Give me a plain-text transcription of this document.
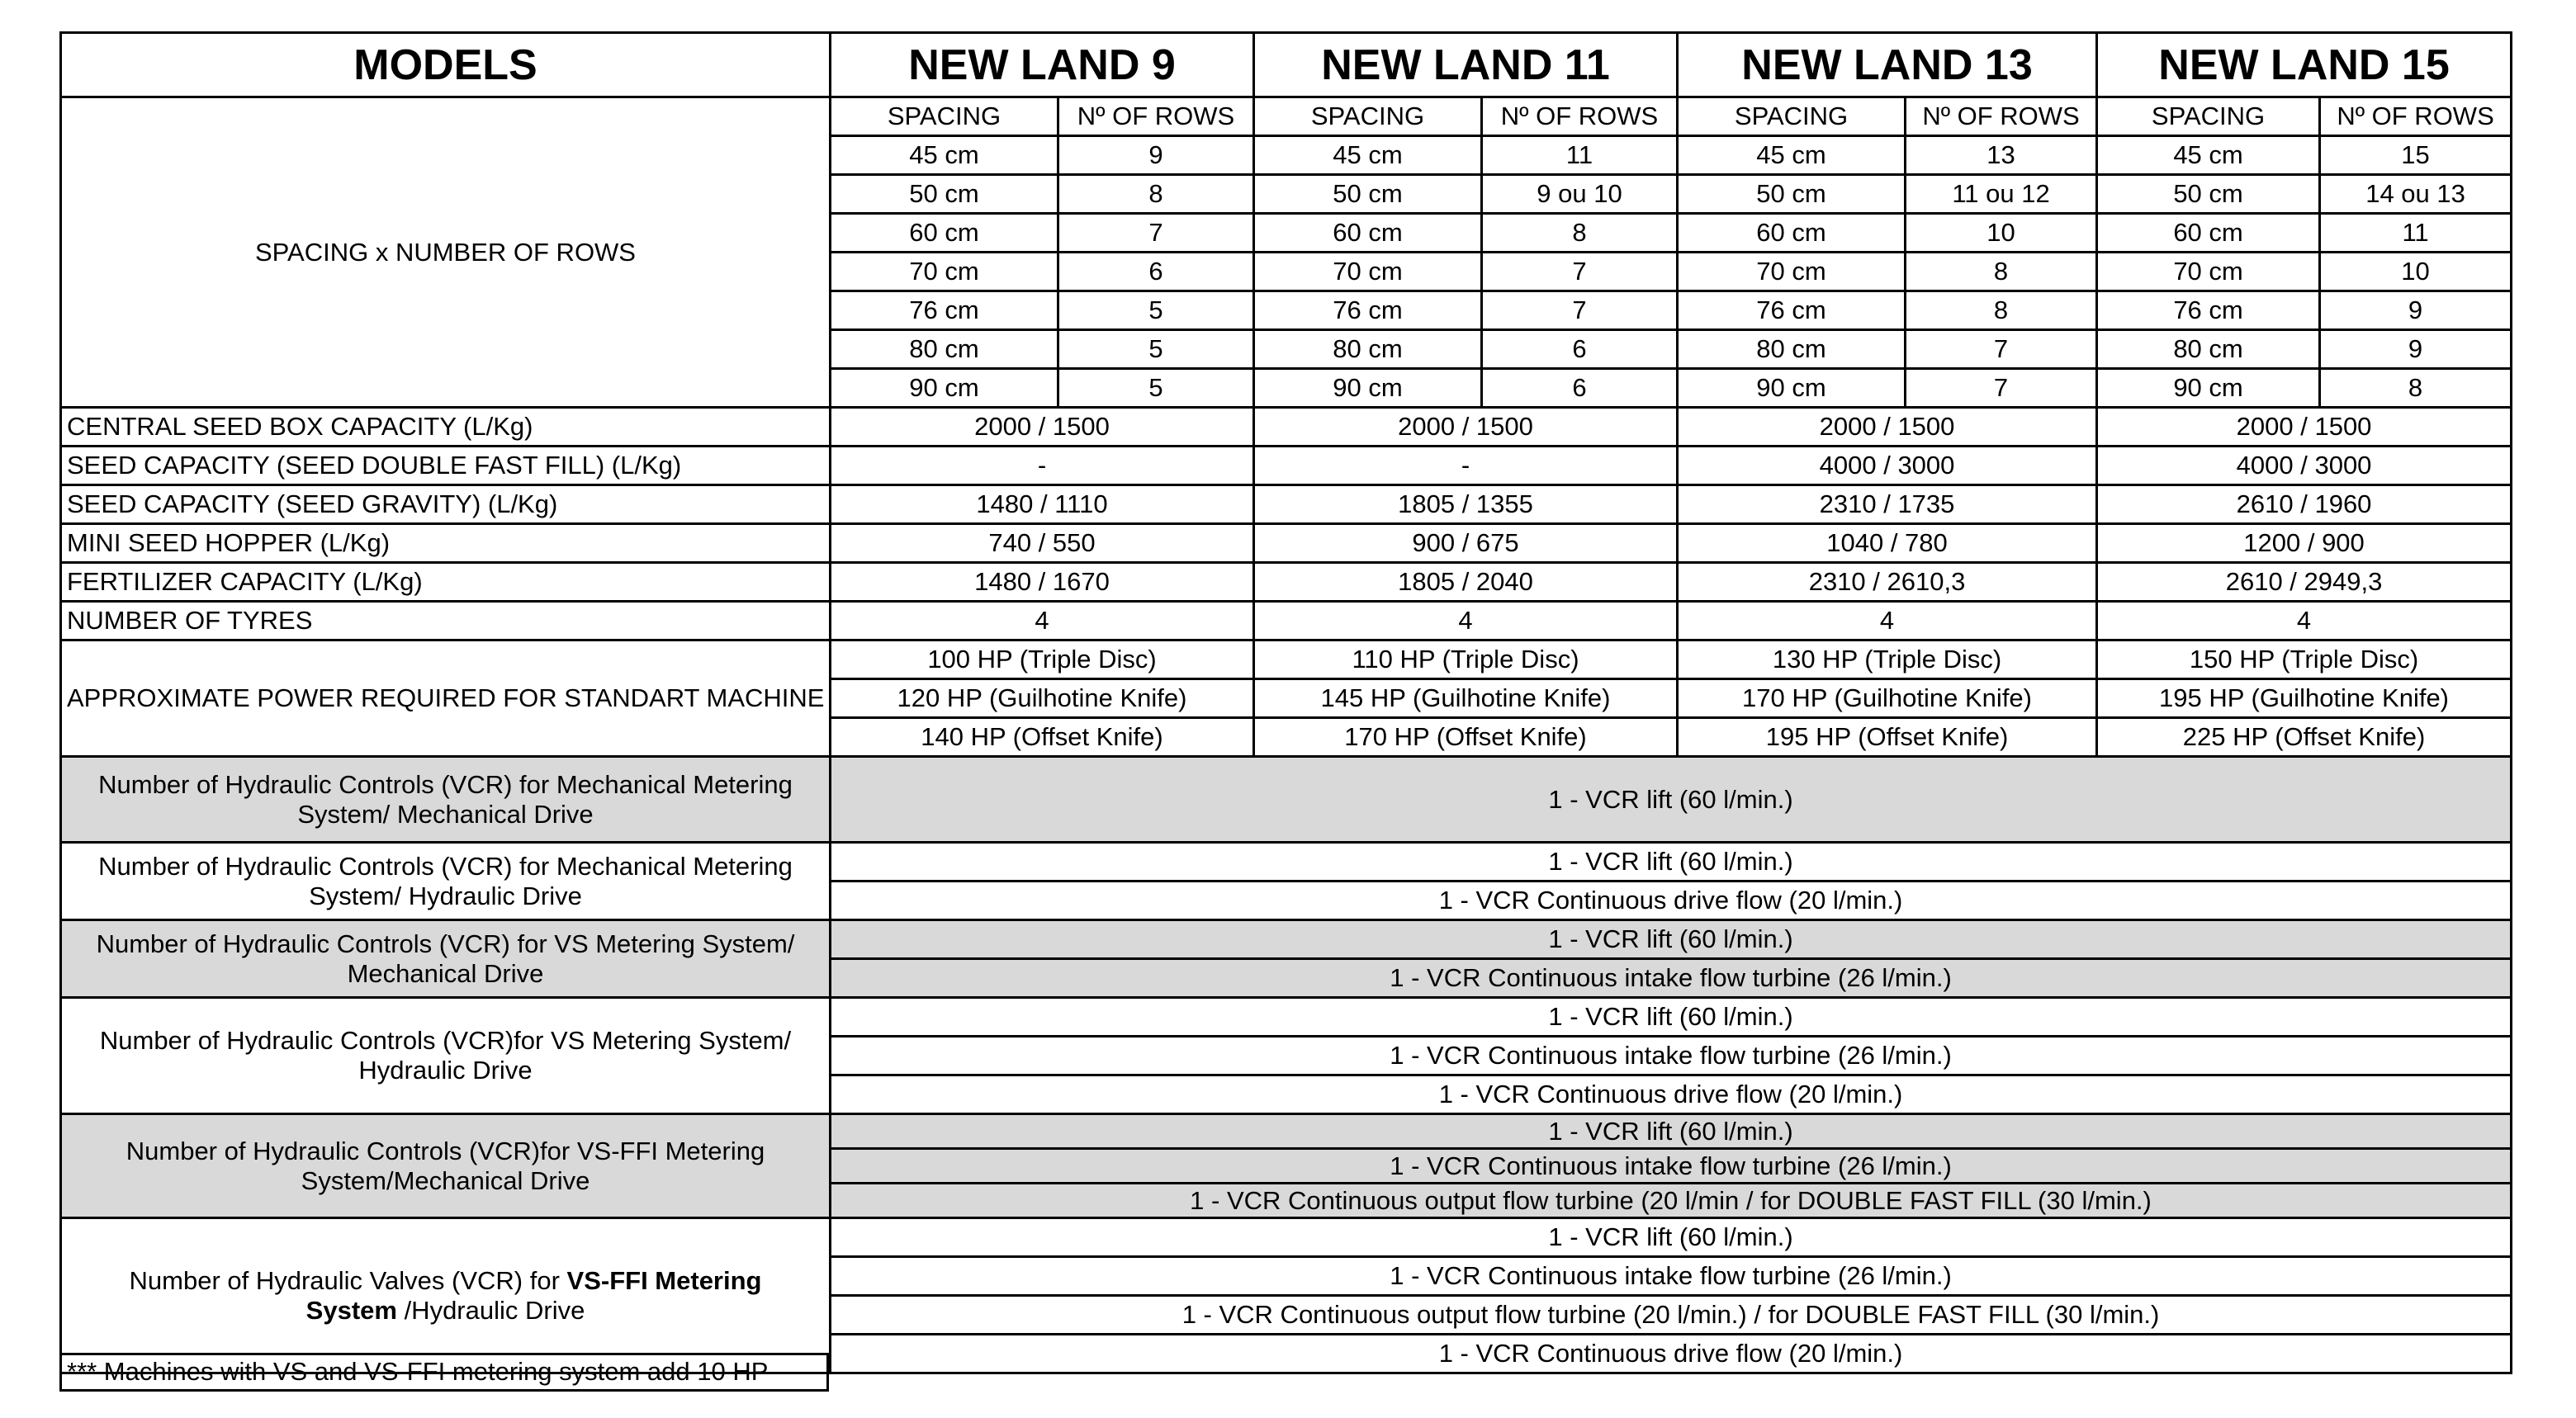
MODELS	NEW LAND 9		NEW LAND 11		NEW LAND 13		NEW LAND 15	
SPACING x NUMBER OF ROWS	SPACING	Nº OF ROWS	SPACING	Nº OF ROWS	SPACING	Nº OF ROWS	SPACING	Nº OF ROWS
	45 cm	9	45 cm	11	45 cm	13	45 cm	15
	50 cm	8	50 cm	9 ou 10	50 cm	11 ou 12	50 cm	14 ou 13
	60 cm	7	60 cm	8	60 cm	10	60 cm	11
	70 cm	6	70 cm	7	70 cm	8	70 cm	10
	76 cm	5	76 cm	7	76 cm	8	76 cm	9
	80 cm	5	80 cm	6	80 cm	7	80 cm	9
	90 cm	5	90 cm	6	90 cm	7	90 cm	8
CENTRAL SEED BOX CAPACITY (L/Kg)	2000 / 1500		2000 / 1500		2000 / 1500		2000 / 1500	
SEED CAPACITY (SEED DOUBLE FAST FILL) (L/Kg)	-		-		4000 / 3000		4000 / 3000	
SEED CAPACITY (SEED GRAVITY) (L/Kg)	1480 / 1110		1805 / 1355		2310 / 1735		2610 / 1960	
MINI SEED HOPPER (L/Kg)	740 / 550		900 / 675		1040 / 780		1200 / 900	
FERTILIZER CAPACITY (L/Kg)	1480 / 1670		1805 / 2040		2310 / 2610,3		2610 / 2949,3	
NUMBER OF TYRES	4		4		4		4	
APPROXIMATE POWER REQUIRED FOR STANDART MACHINE	100 HP (Triple Disc)		110 HP (Triple Disc)		130 HP (Triple Disc)		150 HP (Triple Disc)	
	120 HP (Guilhotine Knife)		145 HP (Guilhotine Knife)		170 HP (Guilhotine Knife)		195 HP (Guilhotine Knife)	
	140 HP (Offset Knife)		170 HP (Offset Knife)		195 HP (Offset Knife)		225 HP (Offset Knife)	
Number of Hydraulic Controls (VCR) for Mechanical Metering System/ Mechanical Drive	1 - VCR lift (60 l/min.)							
Number of Hydraulic Controls (VCR) for Mechanical Metering System/ Hydraulic Drive	1 - VCR lift (60 l/min.)							
	1 - VCR Continuous drive flow (20 l/min.)							
Number of Hydraulic Controls (VCR) for VS Metering System/ Mechanical Drive	1 - VCR lift (60 l/min.)							
	1 - VCR Continuous intake flow turbine (26 l/min.)							
Number of Hydraulic Controls (VCR)for VS Metering System/ Hydraulic Drive	1 - VCR lift (60 l/min.)							
	1 - VCR Continuous intake flow turbine (26 l/min.)							
	1 - VCR Continuous drive flow (20 l/min.)							
Number of Hydraulic Controls (VCR)for VS-FFI Metering System/Mechanical Drive	1 - VCR lift (60 l/min.)							
	1 - VCR Continuous intake flow turbine (26 l/min.)							
	1 - VCR Continuous output flow turbine (20 l/min / for DOUBLE FAST FILL (30 l/min.)							
Number of Hydraulic Valves (VCR) for VS-FFI Metering
System /Hydraulic Drive	1 - VCR lift (60 l/min.)							
	1 - VCR Continuous intake flow turbine (26 l/min.)							
	1 - VCR Continuous output flow turbine (20 l/min.) / for DOUBLE FAST FILL (30 l/min.)							
	1 - VCR Continuous drive flow (20 l/min.)							
*** Machines with VS and VS-FFI metering system add 10 HP
